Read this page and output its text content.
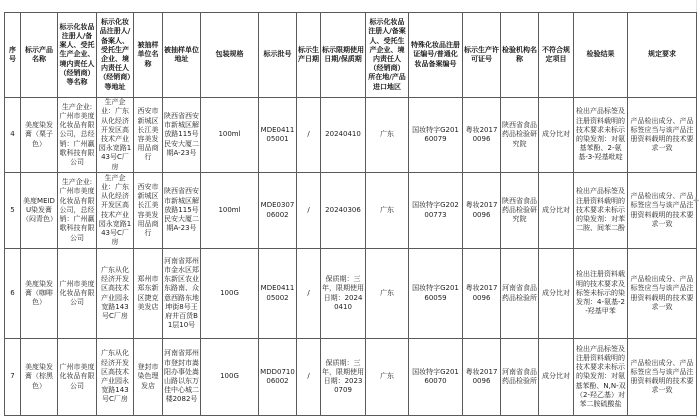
序号	标示产品名称	标示化妆品注册人/备案人、受托生产企业、境内责任人（经销商）等名称	标示化妆品注册人/备案人、受托生产企业、境内责任人（经销商）等地址	被抽样单位名称	被抽样单位地址	包装规格	标示批号	标示生产日期	标示限期使用日期/保质期	标示化妆品注册人/备案人、受托生产企业、境内责任人（经销商）所在地/产品进口地区	特殊化妆品注册证编号/普通化妆品备案编号	标示生产许可证号	检验机构名称	不符合规定项目	检验结果	规定要求
4	美度染发膏（栗子色）	生产企业:广州市美度化妆品有限公司，总经销：广州赢歌科技有限公司	生产企业：广东从化经济开发区高技术产业园永宽路143号C厂房	西安市新城区长江美容美发用品商行	陕西省西安市新城区解放路115号民安大厦二期A-23号	100ml	MDE041105001	/	20240410	广东	国妆特字G20160079	粤妆20170096	陕西省食品药品检验研究院	成分比对	检出产品标签及注册资料载明的技术要求未标示的染发剂：对氨基苯酚、2-氨基-3-羟基吡啶	产品检出成分、产品标签应当与该产品注册资料载明的技术要求一致
5	美度MEIDU染发膏（闷青色）	生产企业:广州市美度化妆品有限公司，总经销：广州赢歌科技有限公司	生产企业：广东从化经济开发区高技术产业园永宽路143号C厂房	西安市新城区长江美容美发用品商行	陕西省西安市新城区解放路115号民安大厦二期A-23号	100ml	MDE030706002	/	20240306	广东	国妆特字G20200773	粤妆20170096	陕西省食品药品检验研究院	成分比对	检出产品标签及注册资料载明的技术要求未标示的染发剂：对苯二胺、间苯二酚	产品检出成分、产品标签应当与该产品注册资料载明的技术要求一致
6	美度染发膏（咖啡色）	广州市美度化妆品有限公司	广东从化经济开发区高技术产业园永宽路143号C厂房	郑州市郑东新区捷克美发店	河南省郑州市金水区郑东新区农业东路南、众意西路东地坤街8号王府井百货B1层10号	100G	MDE041105002	/	保质期：三年，限期使用日期：20240410	广东	国妆特字G20160059	粤妆20170096	河南省食品药品检验所	成分比对	检出注册资料载明的技术要求及标签未标示的染发剂：4-氨基-2-羟基甲苯	产品检出成分、产品标签应当与该产品注册资料载明的技术要求一致
7	美度染发膏（棕黑色）	广州市美度化妆品有限公司	广东从化经济开发区高技术产业园永宽路143号C厂房	登封市染色理发店	河南省郑州市登封市嵩阳办事处嵩山路以东万佳中心城二楼2082号	100G	MDD071006002	/	保质期：三年，限期使用日期：20230709	广东	国妆特字G20160070	粤妆20170096	河南省食品药品检验所	成分比对	检出产品标签及注册资料载明的技术要求未标示的染发剂：对氨基苯酚、N,N-双（2-羟乙基）对苯二胺硫酸盐	产品检出成分、产品标签应当与该产品注册资料载明的技术要求一致
+
